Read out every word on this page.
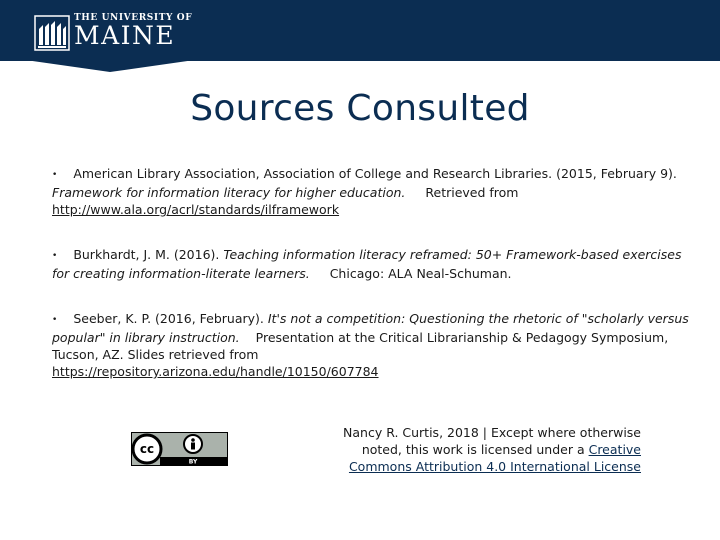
THE UNIVERSITY OF
MAINE
Sources Consulted
• American Library Association, Association of College and Research Libraries. (2015, February 9). Framework for information literacy for higher education. Retrieved from
http://www.ala.org/acrl/standards/ilframework
• Burkhardt, J. M. (2016). Teaching information literacy reframed: 50+ Framework-based exercises for creating information-literate learners. Chicago: ALA Neal-Schuman.
• Seeber, K. P. (2016, February). It's not a competition: Questioning the rhetoric of "scholarly versus popular" in library instruction. Presentation at the Critical Librarianship & Pedagogy Symposium, Tucson, AZ. Slides retrieved from
https://repository.arizona.edu/handle/10150/607784
cc
BY
Nancy R. Curtis, 2018 | Except where otherwise noted, this work is licensed under a Creative Commons Attribution 4.0 International License
